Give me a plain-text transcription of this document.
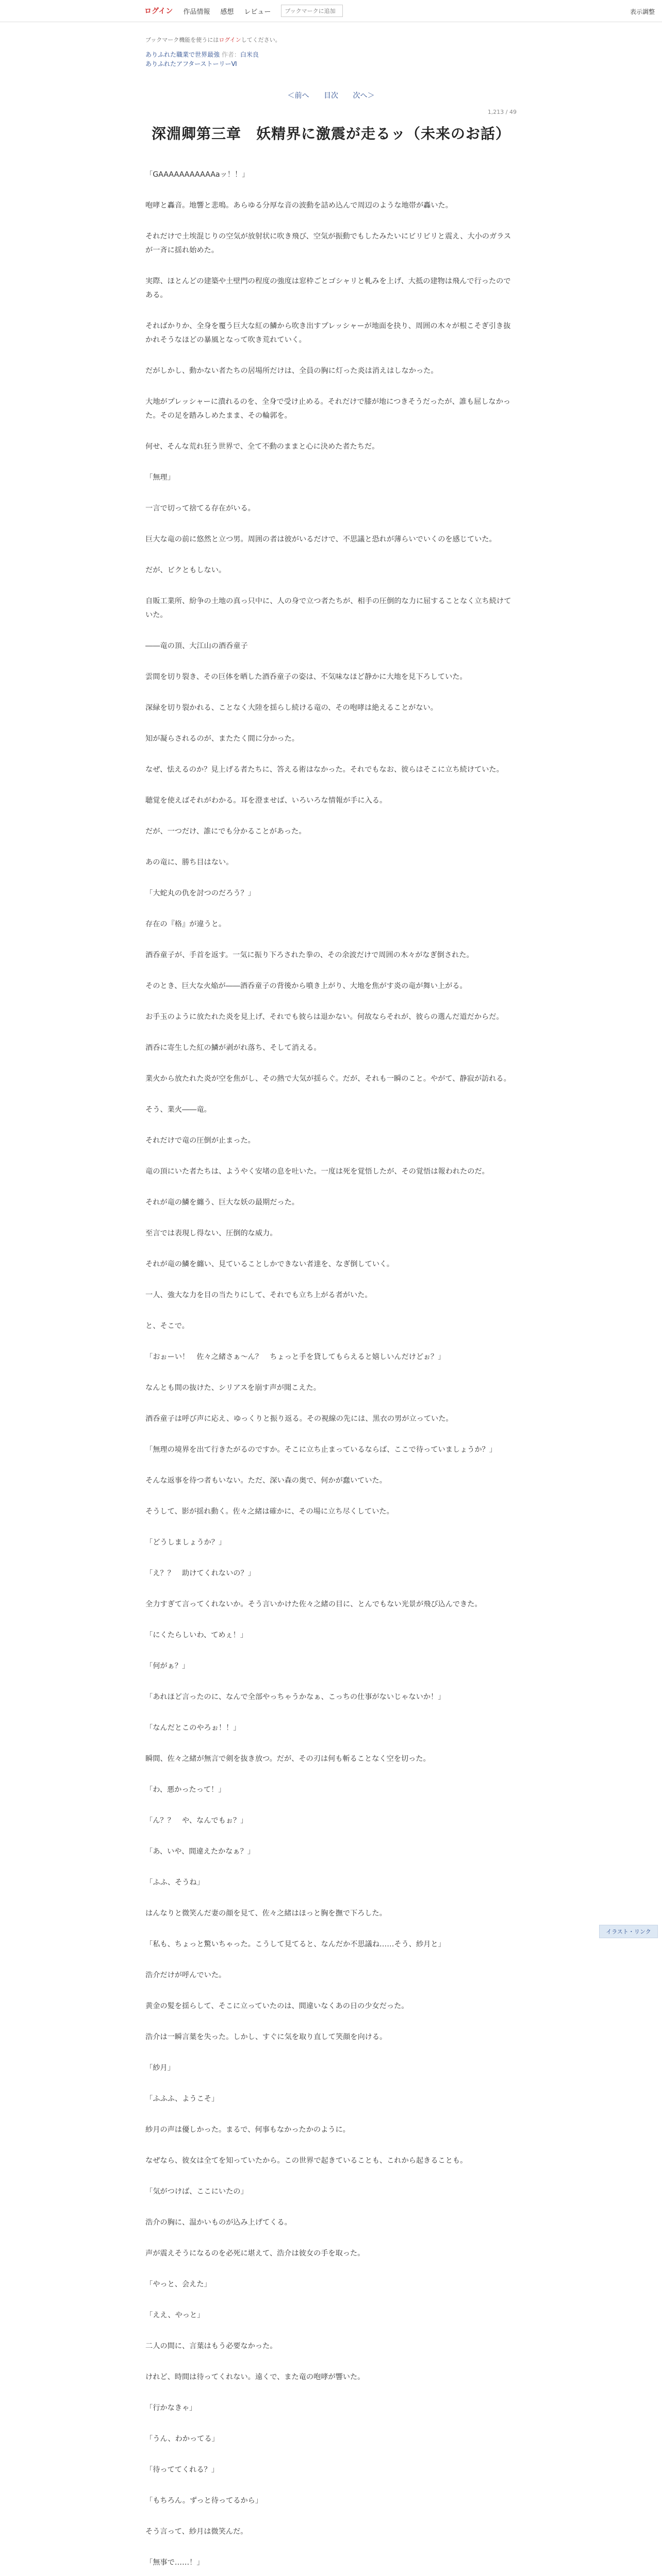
ログイン 作品情報 感想 レビュー
ブックマークに追加	表示調整
ブックマーク機能を使うにはログインしてください。
ありふれた職業で世界最強 作者：白米良
ありふれたアフターストーリーⅥ
＜前へ 目次 次へ＞
1,213 / 49
深淵卿第三章　妖精界に激震が走るッ（未来のお話）

「GAAAAAAAAAAAaッ！！」

咆哮と轟音。地響と悲鳴。あらゆる分厚な音の波動を詰め込んで周辺のような地帯が轟いた。

それだけで土埃混じりの空気が放射状に吹き飛び、空気が振動でもしたみたいにビリビリと震え、大小のガラスが一斉に揺れ始めた。

実際、ほとんどの建築や土壁門の程度の強度は窓枠ごとゴシャリと軋みを上げ、大抵の建物は飛んで行ったのである。

そればかりか、全身を覆う巨大な紅の鱗から吹き出すプレッシャーが地面を抉り、周囲の木々が根こそぎ引き抜かれそうなほどの暴風となって吹き荒れていく。

だがしかし、動かない者たちの居場所だけは、全員の胸に灯った炎は消えはしなかった。

大地がプレッシャーに潰れるのを、全身で受け止める。それだけで膝が地につきそうだったが、誰も屈しなかった。その足を踏みしめたまま、その輪郭を。

何せ、そんな荒れ狂う世界で、全て不動のままと心に決めた者たちだ。

「無理」

一言で切って捨てる存在がいる。

巨大な竜の前に悠然と立つ男。周囲の者は彼がいるだけで、不思議と恐れが薄らいでいくのを感じていた。

だが、ビクともしない。

自販工業所、紛争の土地の真っ只中に、人の身で立つ者たちが、相手の圧倒的な力に屈することなく立ち続けていた。

――竜の頂、大江山の酒呑童子

雲間を切り裂き、その巨体を晒した酒呑童子の姿は、不気味なほど静かに大地を見下ろしていた。

深緑を切り裂かれる、ことなく大陸を揺らし続ける竜の、その咆哮は絶えることがない。

知が凝らされるのが、またたく間に分かった。

なぜ、怯えるのか？見上げる者たちに、答える術はなかった。それでもなお、彼らはそこに立ち続けていた。

聴覚を使えばそれがわかる。耳を澄ませば、いろいろな情報が手に入る。

だが、一つだけ、誰にでも分かることがあった。

あの竜に、勝ち目はない。

「大蛇丸の仇を討つのだろう？」

存在の『格』が違うと。

酒呑童子が、手首を返す。一気に振り下ろされた拳の、その余波だけで周囲の木々がなぎ倒された。

そのとき、巨大な火焔が――酒呑童子の背後から噴き上がり、大地を焦がす炎の竜が舞い上がる。

お手玉のように放たれた炎を見上げ、それでも彼らは退かない。何故ならそれが、彼らの選んだ道だからだ。

酒呑に寄生した紅の鱗が剥がれ落ち、そして消える。

業火から放たれた炎が空を焦がし、その熱で大気が揺らぐ。だが、それも一瞬のこと。やがて、静寂が訪れる。

そう、業火――竜。

それだけで竜の圧倒が止まった。

竜の頂にいた者たちは、ようやく安堵の息を吐いた。一度は死を覚悟したが、その覚悟は報われたのだ。

それが竜の鱗を纏う、巨大な妖の最期だった。

至言では表現し得ない、圧倒的な威力。

それが竜の鱗を纏い、見ていることしかできない者達を、なぎ倒していく。

一人、強大な力を目の当たりにして、それでも立ち上がる者がいた。

と、そこで。

「おぉーい！　佐々之緒さぁ～ん？　ちょっと手を貸してもらえると嬉しいんだけどぉ？」

なんとも間の抜けた、シリアスを崩す声が聞こえた。

酒呑童子は呼び声に応え、ゆっくりと振り返る。その視線の先には、黒衣の男が立っていた。

「無理の境界を出て行きたがるのですか。そこに立ち止まっているならば、ここで待っていましょうか？」

そんな返事を待つ者もいない。ただ、深い森の奥で、何かが蠢いていた。

そうして、影が揺れ動く。佐々之緒は確かに、その場に立ち尽くしていた。

「どうしましょうか？」

「え？？　助けてくれないの？」

全力すぎて言ってくれないか。そう言いかけた佐々之緒の目に、とんでもない光景が飛び込んできた。

「にくたらしいわ、てめぇ！」

「何がぁ？」

「あれほど言ったのに、なんで全部やっちゃうかなぁ、こっちの仕事がないじゃないか！」

「なんだとこのやろぉ！！」

瞬間、佐々之緒が無言で剣を抜き放つ。だが、その刃は何も斬ることなく空を切った。

「わ、悪かったって！」

「ん？？　や、なんでもぉ？」

「あ、いや、間違えたかなぁ？」

「ふふ、そうね」

はんなりと微笑んだ妻の顔を見て、佐々之緒はほっと胸を撫で下ろした。

「私も、ちょっと驚いちゃった。こうして見てると、なんだか不思議ね……そう、紗月と」

浩介だけが呼んでいた。

黄金の髪を揺らして、そこに立っていたのは、間違いなくあの日の少女だった。

浩介は一瞬言葉を失った。しかし、すぐに気を取り直して笑顔を向ける。

「紗月」

「ふふふ、ようこそ」

紗月の声は優しかった。まるで、何事もなかったかのように。

なぜなら、彼女は全てを知っていたから。この世界で起きていることも、これから起きることも。

「気がつけば、ここにいたの」

浩介の胸に、温かいものが込み上げてくる。

声が震えそうになるのを必死に堪えて、浩介は彼女の手を取った。

「やっと、会えた」

「ええ、やっと」

二人の間に、言葉はもう必要なかった。

けれど、時間は待ってくれない。遠くで、また竜の咆哮が響いた。

「行かなきゃ」

「うん、わかってる」

「待っててくれる？」

「もちろん。ずっと待ってるから」

そう言って、紗月は微笑んだ。

「無事で……！」

イラスト・リンク
